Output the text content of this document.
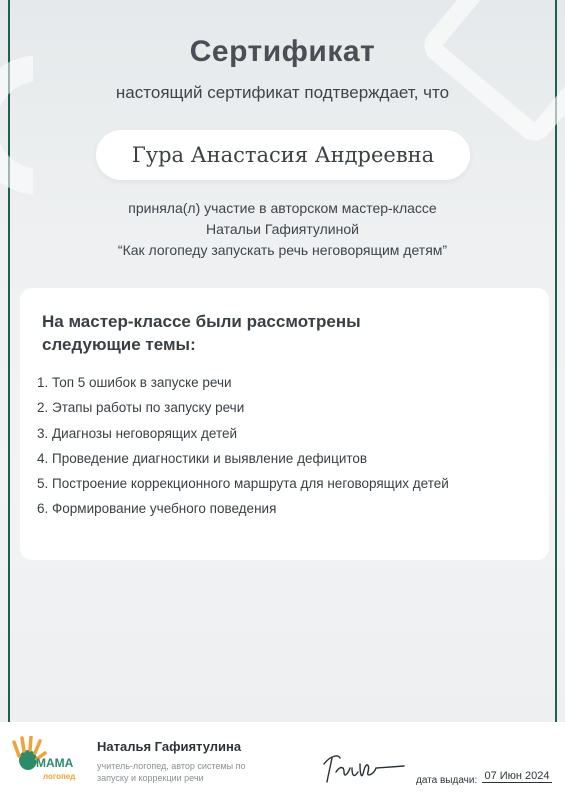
Сертификат
настоящий сертификат подтверждает, что
Гура Анастасия Андреевна
приняла(л) участие в авторском мастер-классе
Натальи Гафиятулиной
“Как логопеду запускать речь неговорящим детям”
На мастер-классе были рассмотрены следующие темы:
1. Топ 5 ошибок в запуске речи
2. Этапы работы по запуску речи
3. Диагнозы неговорящих детей
4. Проведение диагностики и выявление дефицитов
5. Построение коррекционного маршрута для неговорящих детей
6. Формирование учебного поведения
МАМА
логопед
Наталья Гафиятулина
учитель-логопед, автор системы по запуску и коррекции речи	дата выдачи: 07 Июн 2024
